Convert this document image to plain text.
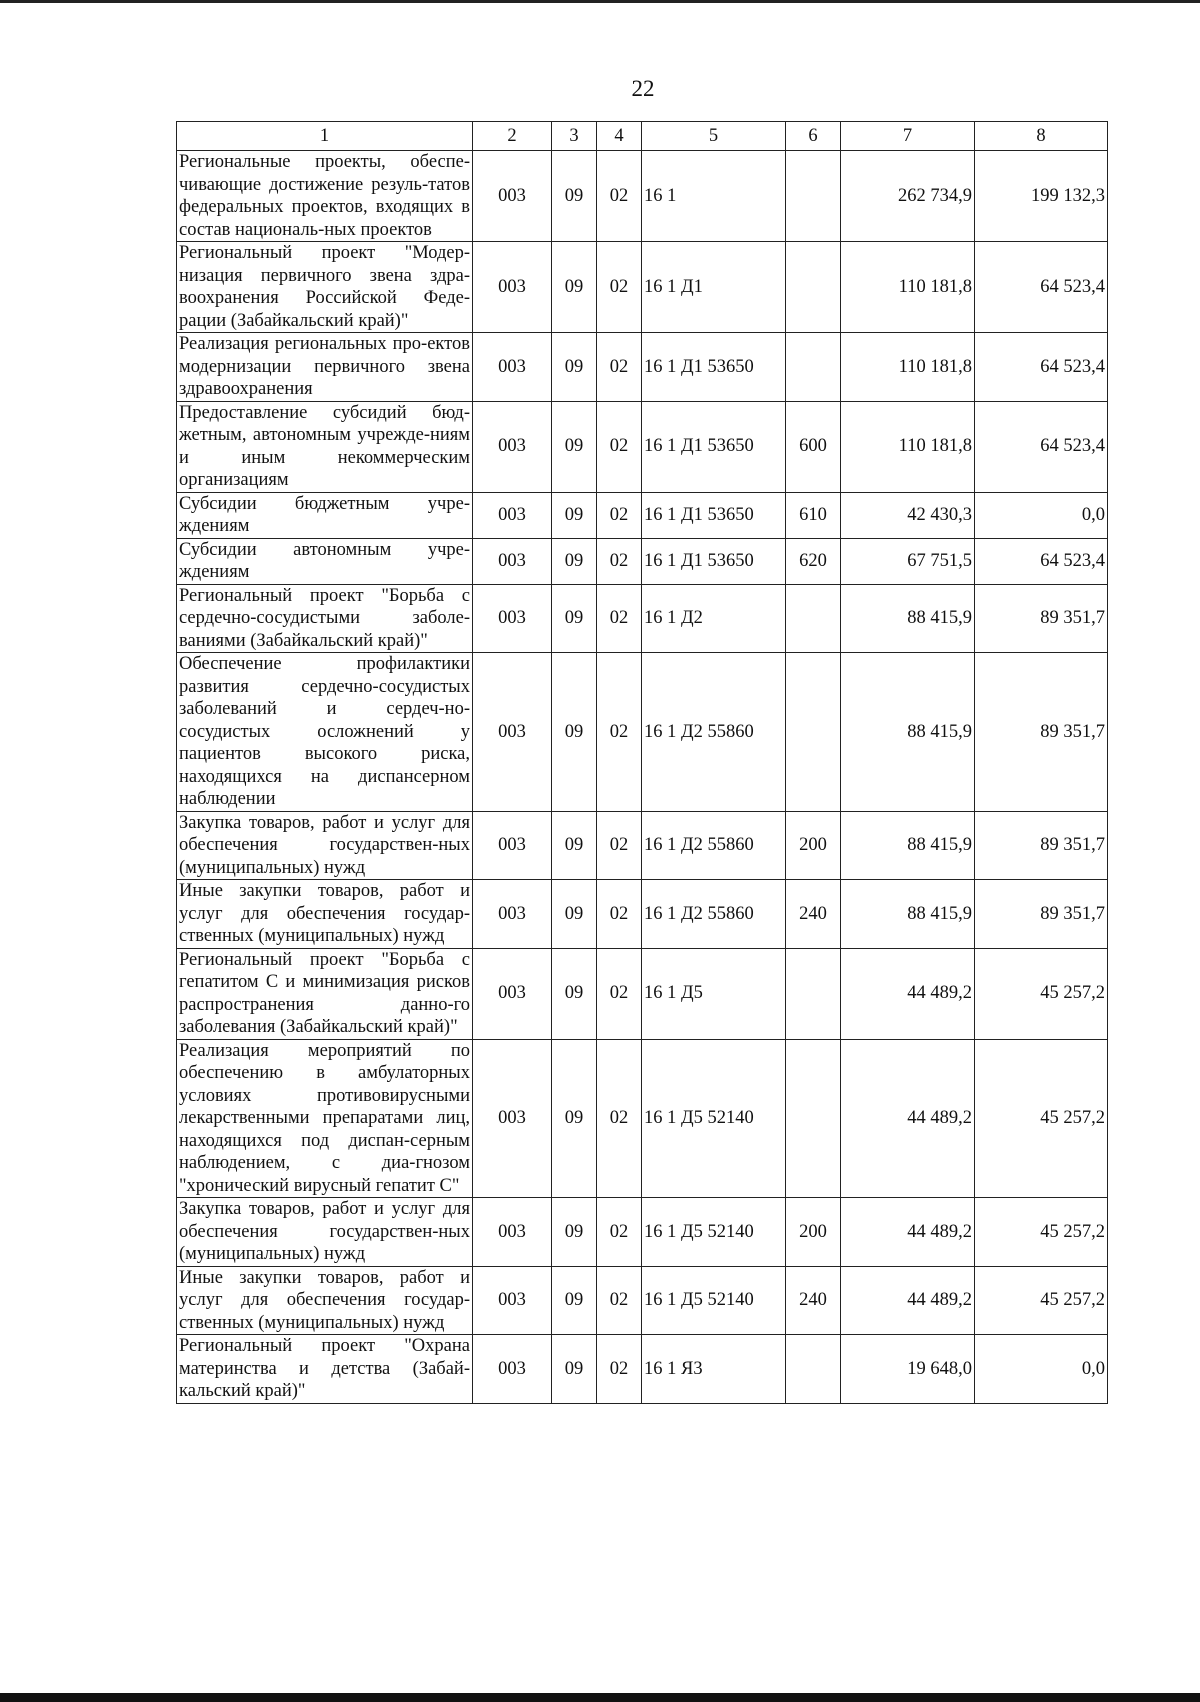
22
1	2	3	4	5	6	7	8
Региональные проекты, обеспе-чивающие достижение резуль-татов федеральных проектов, входящих в состав националь-ных проектов	003	09	02	16 1		262 734,9	199 132,3
Региональный проект "Модер-низация первичного звена здра-воохранения Российской Феде-рации (Забайкальский край)"	003	09	02	16 1 Д1		110 181,8	64 523,4
Реализация региональных про-ектов модернизации первичного звена здравоохранения	003	09	02	16 1 Д1 53650		110 181,8	64 523,4
Предоставление субсидий бюд-жетным, автономным учрежде-ниям и иным некоммерческим организациям	003	09	02	16 1 Д1 53650	600	110 181,8	64 523,4
Субсидии бюджетным учре-ждениям	003	09	02	16 1 Д1 53650	610	42 430,3	0,0
Субсидии автономным учре-ждениям	003	09	02	16 1 Д1 53650	620	67 751,5	64 523,4
Региональный проект "Борьба с сердечно-сосудистыми заболе-ваниями (Забайкальский край)"	003	09	02	16 1 Д2		88 415,9	89 351,7
Обеспечение профилактики развития сердечно-сосудистых заболеваний и сердеч-но-сосудистых осложнений у пациентов высокого риска, находящихся на диспансерном наблюдении	003	09	02	16 1 Д2 55860		88 415,9	89 351,7
Закупка товаров, работ и услуг для обеспечения государствен-ных (муниципальных) нужд	003	09	02	16 1 Д2 55860	200	88 415,9	89 351,7
Иные закупки товаров, работ и услуг для обеспечения государ-ственных (муниципальных) нужд	003	09	02	16 1 Д2 55860	240	88 415,9	89 351,7
Региональный проект "Борьба с гепатитом С и минимизация рисков распространения данно-го заболевания (Забайкальский край)"	003	09	02	16 1 Д5		44 489,2	45 257,2
Реализация мероприятий по обеспечению в амбулаторных условиях противовирусными лекарственными препаратами лиц, находящихся под диспан-серным наблюдением, с диа-гнозом "хронический вирусный гепатит С"	003	09	02	16 1 Д5 52140		44 489,2	45 257,2
Закупка товаров, работ и услуг для обеспечения государствен-ных (муниципальных) нужд	003	09	02	16 1 Д5 52140	200	44 489,2	45 257,2
Иные закупки товаров, работ и услуг для обеспечения государ-ственных (муниципальных) нужд	003	09	02	16 1 Д5 52140	240	44 489,2	45 257,2
Региональный проект "Охрана материнства и детства (Забай-кальский край)"	003	09	02	16 1 Я3		19 648,0	0,0
